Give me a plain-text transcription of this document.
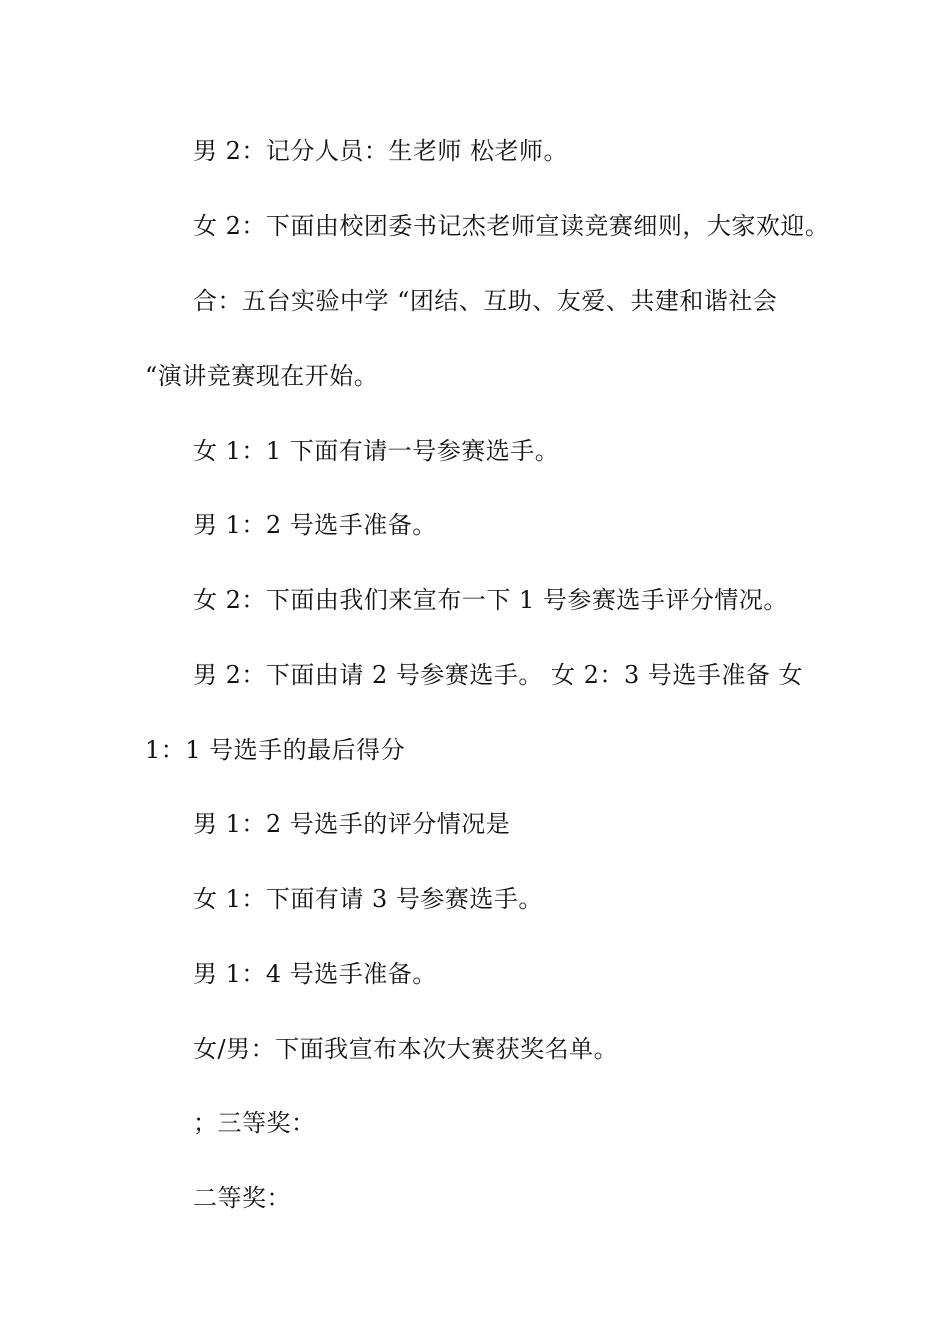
男 2：记分人员：生老师 松老师。
女 2：下面由校团委书记杰老师宣读竞赛细则，大家欢迎。
合：五台实验中学 “团结、互助、友爱、共建和谐社会
“演讲竞赛现在开始。
女 1：1 下面有请一号参赛选手。
男 1：2 号选手准备。
女 2：下面由我们来宣布一下 1 号参赛选手评分情况。
男 2：下面由请 2 号参赛选手。 女 2：3 号选手准备 女
1：1 号选手的最后得分
男 1：2 号选手的评分情况是
女 1：下面有请 3 号参赛选手。
男 1：4 号选手准备。
女/男：下面我宣布本次大赛获奖名单。
；三等奖：
二等奖：
